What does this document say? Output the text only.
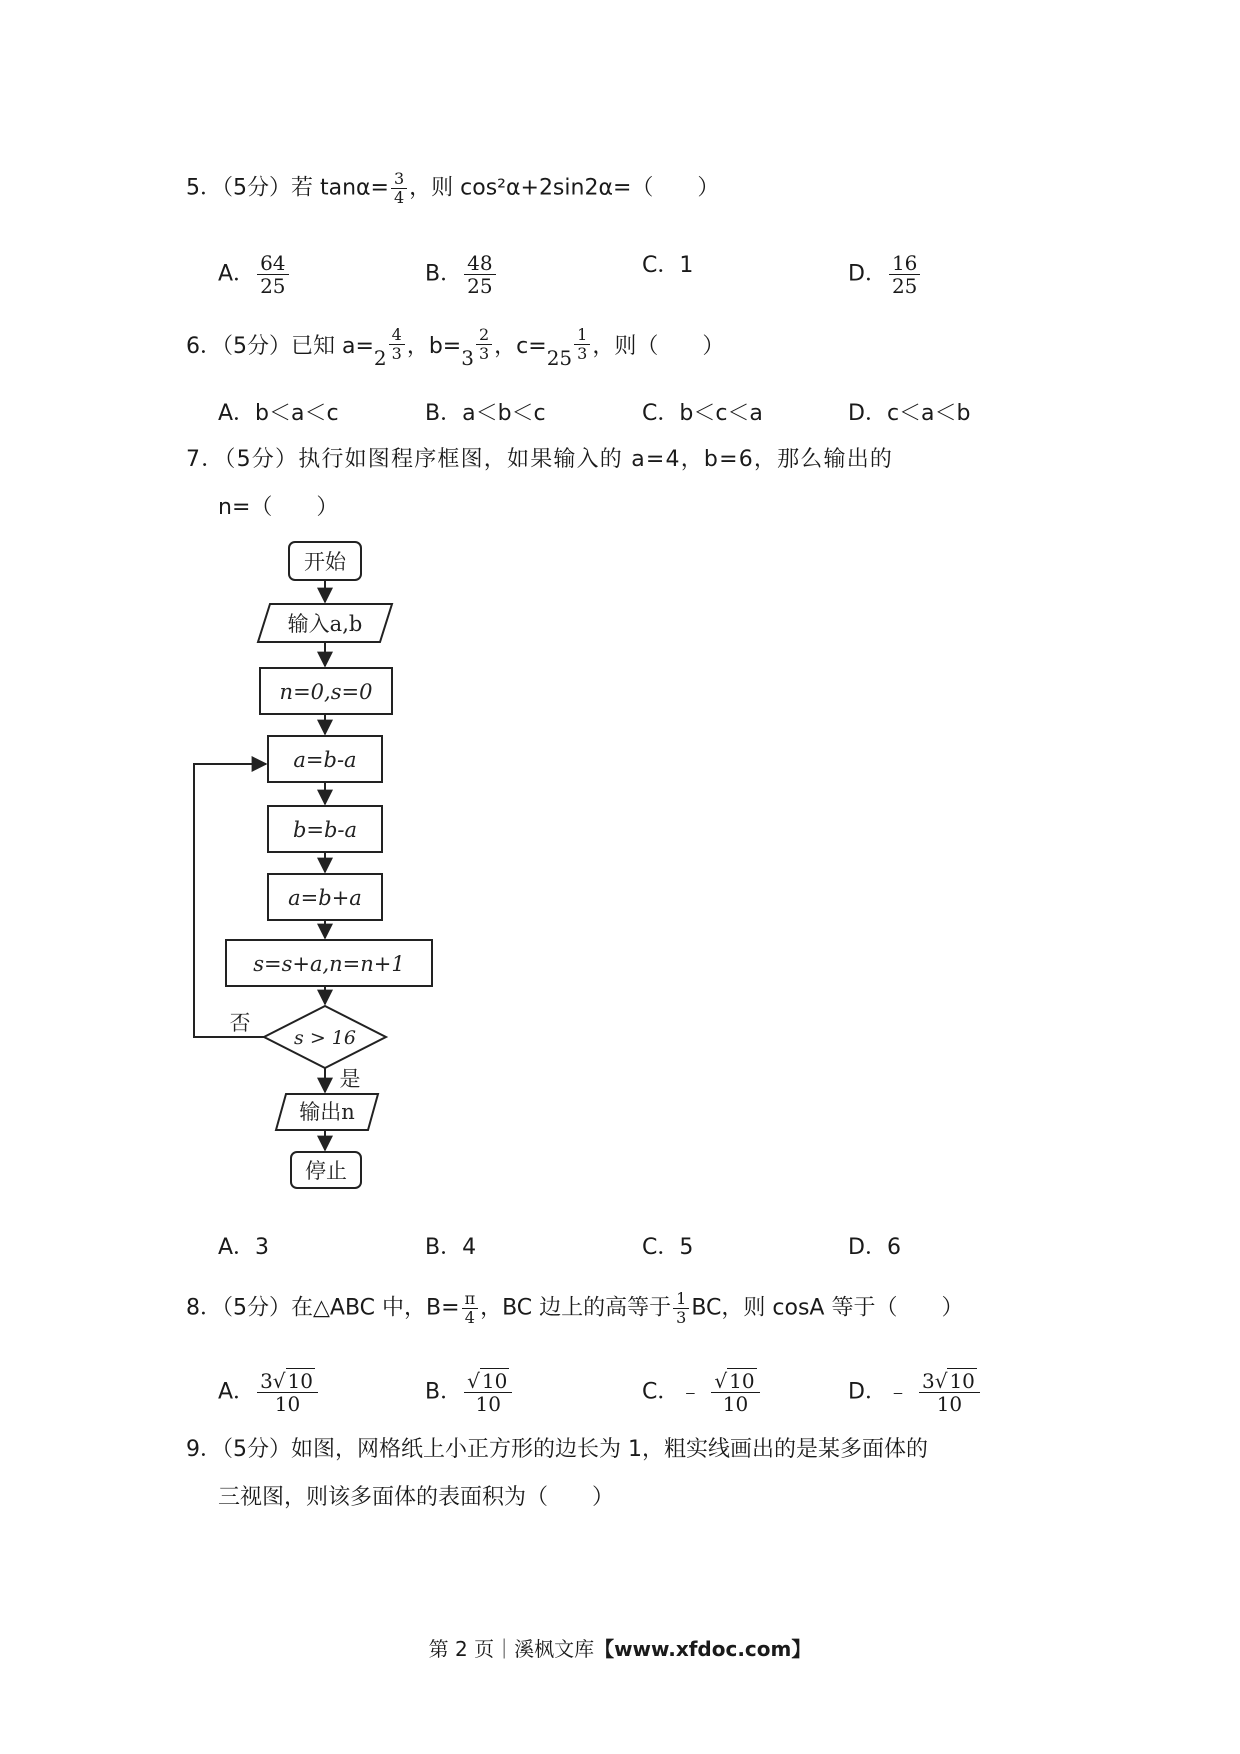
5．（5分）若 $\tan\alpha= \frac{3}{4}$ ，则 cos²α+2sin2α=（　　）
A． $\frac{64}{25}$	B． $\frac{48}{25}$	C．1	D． $\frac{16}{25}$
6．（5分）已知 $a=2 \frac{4}{3}$ ，$b=3 \frac{2}{3}$ ，$c=25 \frac{1}{3}$ ，则（　　）
A．b＜a＜c	B．a＜b＜c	C．b＜c＜a	D．c＜a＜b
7．（5分）执行如图程序框图，如果输入的 a=4，b=6，那么输出的
n=（　　）
开始
输入a,b
n=0,s=0
a=b-a
b=b-a
a=b+a
s=s+a,n=n+1
s > 16
否
是
输出n
停止
A．3	B．4	C．5	D．6
8．（5分）在△ABC 中，$B= \frac{\pi}{4}$ ，BC 边上的高等于 $\frac{1}{3}$ BC，则 cosA 等于（　　）
A． $\frac{3√ 10}{10}$	B． $\frac{√ 10}{10}$	C．﹣ $\frac{√ 10}{10}$	D．﹣ $\frac{3√ 10}{10}$
9．（5分）如图，网格纸上小正方形的边长为 1，粗实线画出的是某多面体的
三视图，则该多面体的表面积为（　　）
第 2 页｜溪枫文库【www.xfdoc.com】
